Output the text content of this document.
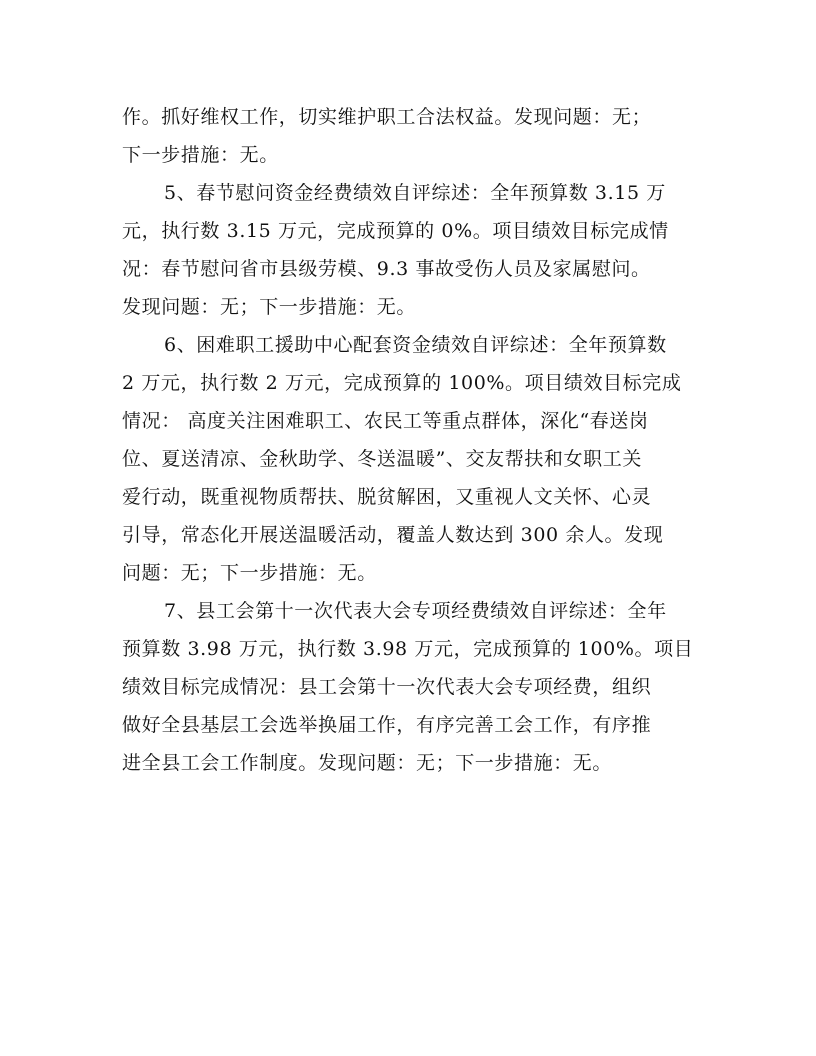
作。抓好维权工作，切实维护职工合法权益。发现问题：无；
下一步措施：无。
5、春节慰问资金经费绩效自评综述：全年预算数 3.15 万
元，执行数 3.15 万元，完成预算的 0%。项目绩效目标完成情
况：春节慰问省市县级劳模、9.3 事故受伤人员及家属慰问。
发现问题：无；下一步措施：无。
6、困难职工援助中心配套资金绩效自评综述：全年预算数
2 万元，执行数 2 万元，完成预算的 100%。项目绩效目标完成
情况： 高度关注困难职工、农民工等重点群体，深化“春送岗
位、夏送清凉、金秋助学、冬送温暖”、交友帮扶和女职工关
爱行动，既重视物质帮扶、脱贫解困，又重视人文关怀、心灵
引导，常态化开展送温暖活动，覆盖人数达到 300 余人。发现
问题：无；下一步措施：无。
7、县工会第十一次代表大会专项经费绩效自评综述：全年
预算数 3.98 万元，执行数 3.98 万元，完成预算的 100%。项目
绩效目标完成情况：县工会第十一次代表大会专项经费，组织
做好全县基层工会选举换届工作，有序完善工会工作，有序推
进全县工会工作制度。发现问题：无；下一步措施：无。
